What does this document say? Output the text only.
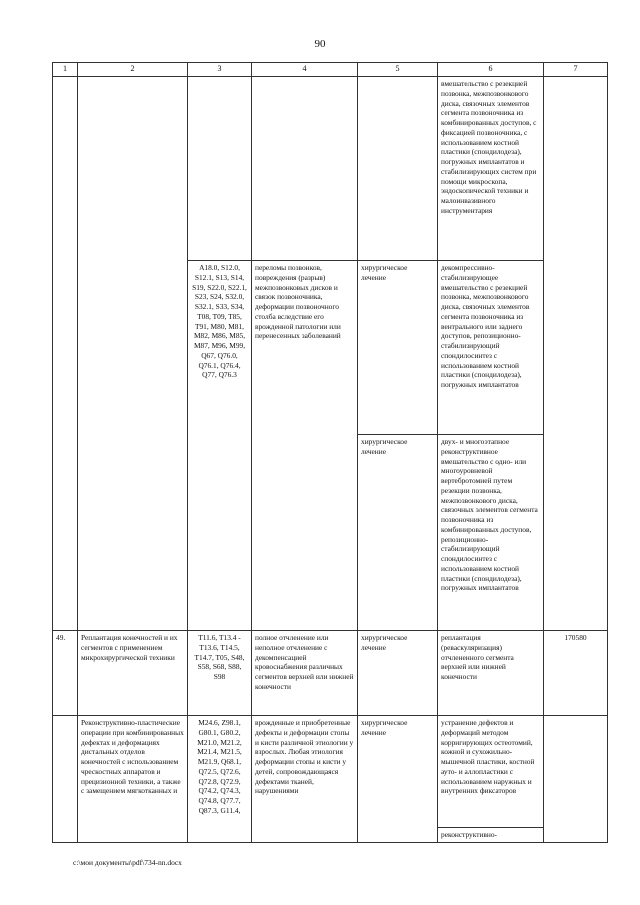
90
1	2	3	4	5	6	7
					вмешательство с резекцией позвонка, межпозвонкового диска, связочных элементов сегмента позвоночника из комбинированных доступов, с фиксацией позвоночника, с использованием костной пластики (спондилодеза), погружных имплантатов и стабилизирующих систем при помощи микроскопа, эндоскопической техники и малоинвазивного инструментария	
		A18.0, S12.0, S12.1, S13, S14, S19, S22.0, S22.1, S23, S24, S32.0, S32.1, S33, S34, T08, T09, T85, T91, M80, M81, M82, M86, M85, M87, M96, M99, Q67, Q76.0, Q76.1, Q76.4, Q77, Q76.3	переломы позвонков, повреждения (разрыв) межпозвонковых дисков и связок позвоночника, деформации позвоночного столба вследствие его врожденной патологии или перенесенных заболеваний	хирургическое лечение	декомпрессивно-стабилизирующее вмешательство с резекцией позвонка, межпозвонкового диска, связочных элементов сегмента позвоночника из вентрального или заднего доступов, репозиционно-стабилизирующий спондилосинтез с использованием костной пластики (спондилодеза), погружных имплантатов	
				хирургическое лечение	двух- и многоэтапное реконструктивное вмешательство с одно- или многоуровневой вертебротомией путем резекции позвонка, межпозвонкового диска, связочных элементов сегмента позвоночника из комбинированных доступов, репозиционно-стабилизирующий спондилосинтез с использованием костной пластики (спондилодеза), погружных имплантатов	
49.	Реплантация конечностей и их сегментов с применением микрохирургической техники	T11.6, T13.4 - T13.6, T14.5, T14.7, T05, S48, S58, S68, S88, S98	полное отчленение или неполное отчленение с декомпенсацией кровоснабжения различных сегментов верхней или нижней конечности	хирургическое лечение	реплантация (реваскуляризация) отчлененного сегмента верхней или нижней конечности	170580
	Реконструктивно-пластические операции при комбинированных дефектах и деформациях дистальных отделов конечностей с использованием чрескостных аппаратов и прецизионной техники, а также с замещением мягкотканных и	M24.6, Z98.1, G80.1, G80.2, M21.0, M21.2, M21.4, M21.5, M21.9, Q68.1, Q72.5, Q72.6, Q72.8, Q72.9, Q74.2, Q74.3, Q74.8, Q77.7, Q87.3, G11.4,	врожденные и приобретенные дефекты и деформации стопы и кисти различной этиологии у взрослых. Любая этиология деформации стопы и кисти у детей, сопровождающаяся дефектами тканей, нарушениями	хирургическое лечение	устранение дефектов и деформаций методом корригирующих остеотомий, кожной и сухожильно-мышечной пластики, костной ауто- и аллопластики с использованием наружных и внутренних фиксаторов	
					реконструктивно-	
c:\мои документы\pdf\734-nn.docx
